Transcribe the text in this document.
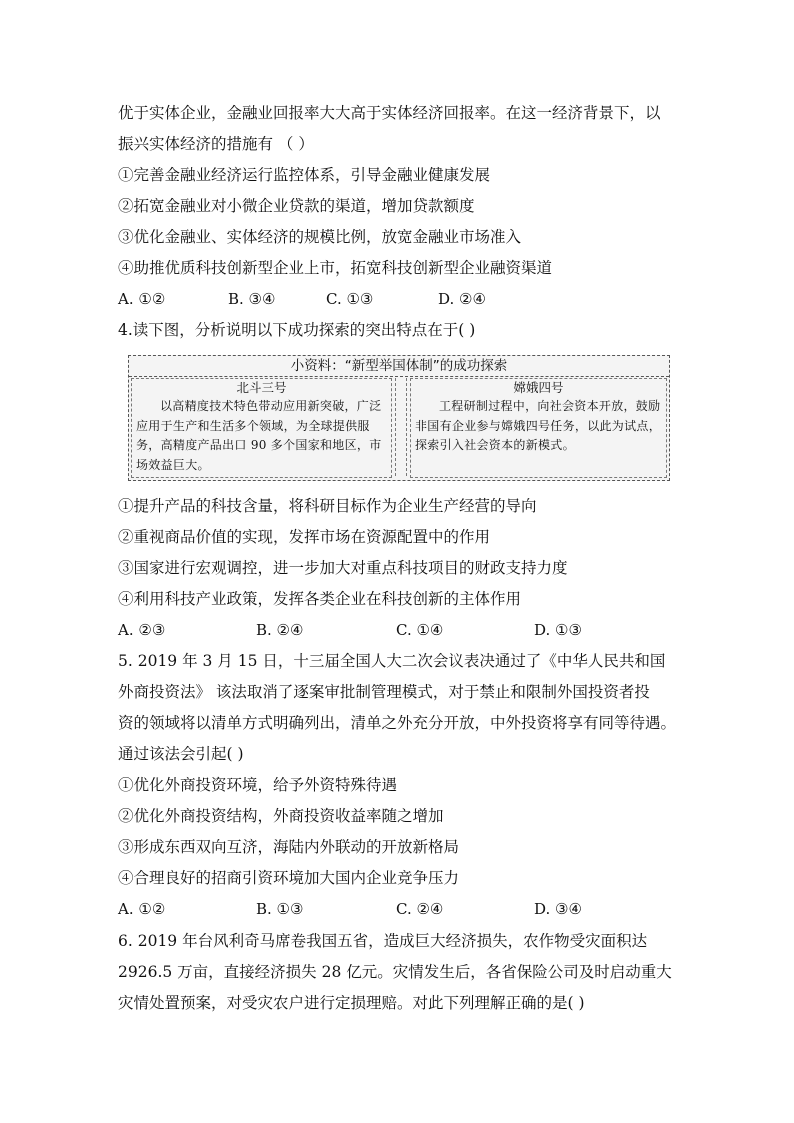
优于实体企业，金融业回报率大大高于实体经济回报率。在这一经济背景下，以
振兴实体经济的措施有 （ ）
①完善金融业经济运行监控体系，引导金融业健康发展
②拓宽金融业对小微企业贷款的渠道，增加贷款额度
③优化金融业、实体经济的规模比例，放宽金融业市场准入
④助推优质科技创新型企业上市，拓宽科技创新型企业融资渠道
A. ①②	B. ③④	C. ①③	D. ②④
4.读下图，分析说明以下成功探索的突出特点在于( )
小资料：“新型举国体制”的成功探索
北斗三号

以高精度技术特色带动应用新突破，广泛应用于生产和生活多个领域，为全球提供服务，高精度产品出口 90 多个国家和地区，市场效益巨大。

嫦娥四号

工程研制过程中，向社会资本开放，鼓励非国有企业参与嫦娥四号任务，以此为试点，探索引入社会资本的新模式。

①提升产品的科技含量，将科研目标作为企业生产经营的导向
②重视商品价值的实现，发挥市场在资源配置中的作用
③国家进行宏观调控，进一步加大对重点科技项目的财政支持力度
④利用科技产业政策，发挥各类企业在科技创新的主体作用
A. ②③	B. ②④	C. ①④	D. ①③
5. 2019 年 3 月 15 日，十三届全国人大二次会议表决通过了《中华人民共和国
外商投资法》 该法取消了逐案审批制管理模式，对于禁止和限制外国投资者投
资的领域将以清单方式明确列出，清单之外充分开放，中外投资将享有同等待遇。
通过该法会引起( )
①优化外商投资环境，给予外资特殊待遇
②优化外商投资结构，外商投资收益率随之增加
③形成东西双向互济，海陆内外联动的开放新格局
④合理良好的招商引资环境加大国内企业竞争压力
A. ①②	B. ①③	C. ②④	D. ③④
6. 2019 年台风利奇马席卷我国五省，造成巨大经济损失，农作物受灾面积达
2926.5 万亩，直接经济损失 28 亿元。灾情发生后，各省保险公司及时启动重大
灾情处置预案，对受灾农户进行定损理赔。对此下列理解正确的是( )
